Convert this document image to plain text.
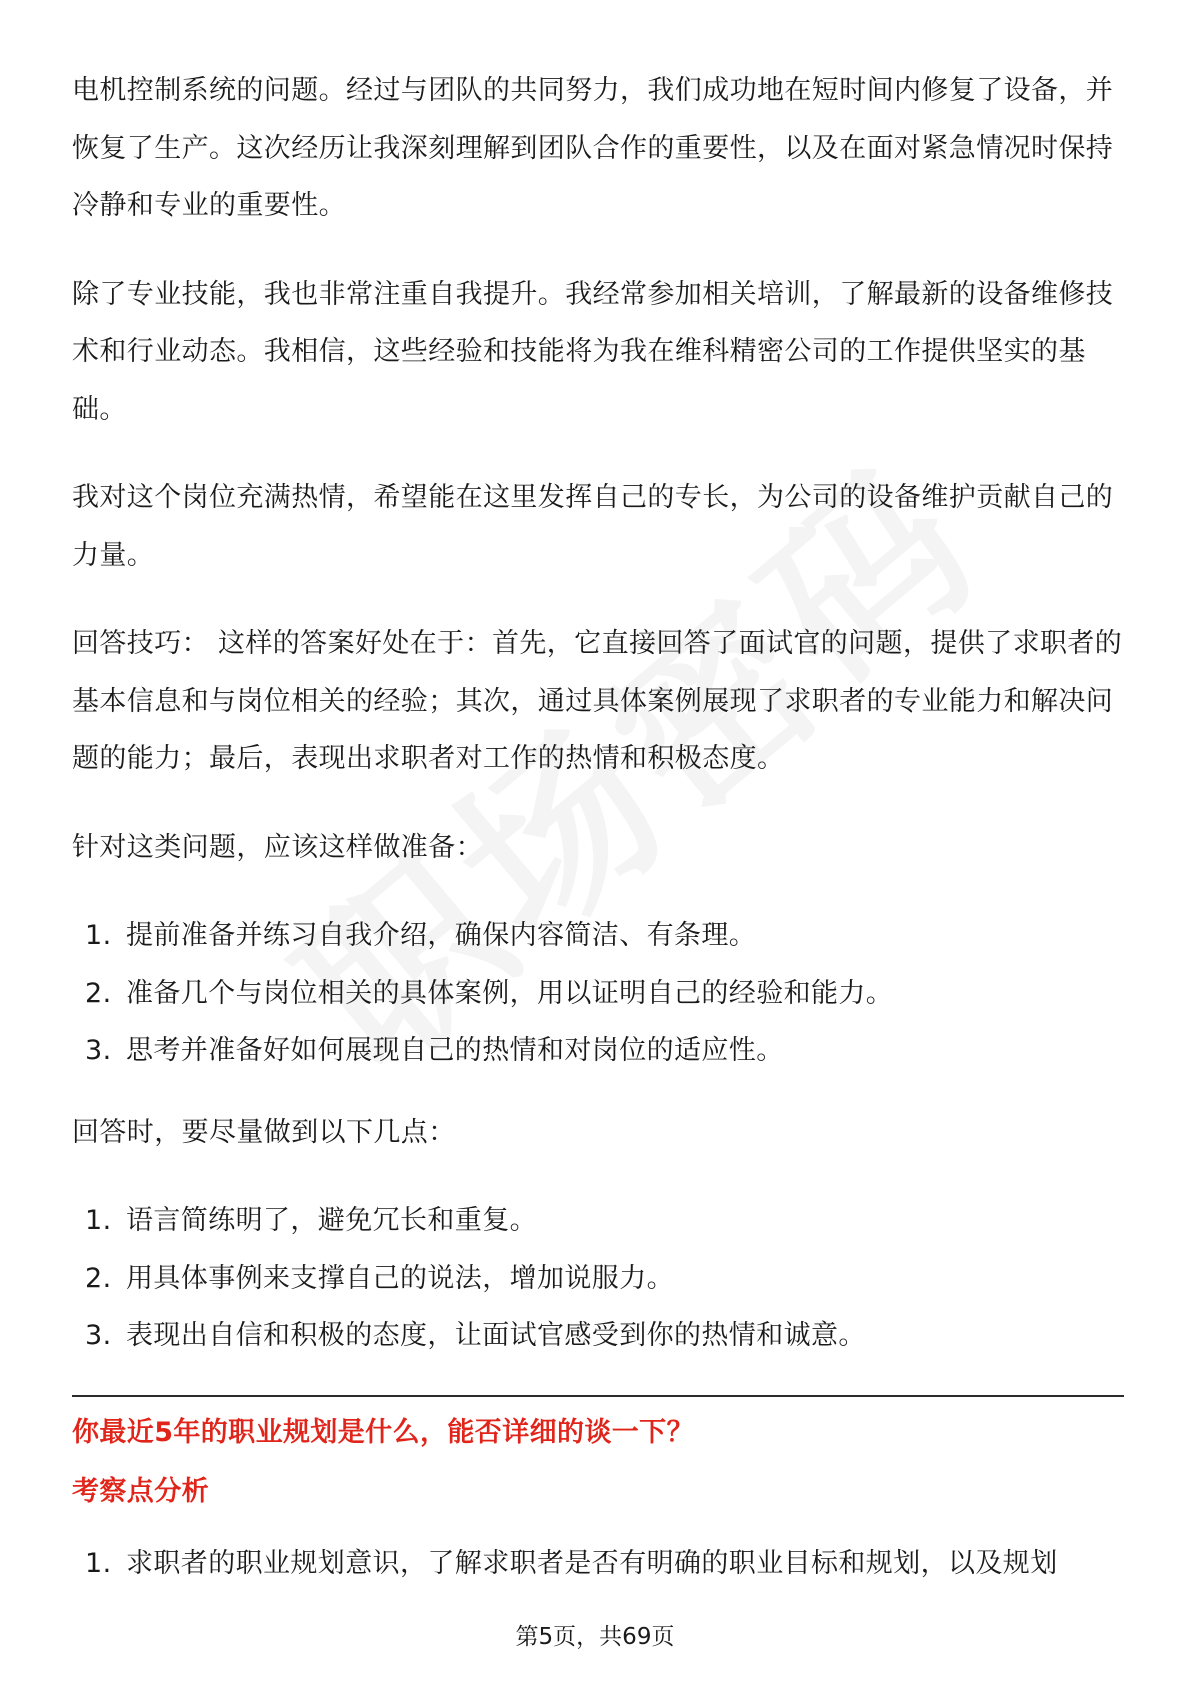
电机控制系统的问题。经过与团队的共同努力，我们成功地在短时间内修复了设备，并恢复了生产。这次经历让我深刻理解到团队合作的重要性，以及在面对紧急情况时保持冷静和专业的重要性。

除了专业技能，我也非常注重自我提升。我经常参加相关培训，了解最新的设备维修技术和行业动态。我相信，这些经验和技能将为我在维科精密公司的工作提供坚实的基础。

我对这个岗位充满热情，希望能在这里发挥自己的专长，为公司的设备维护贡献自己的力量。

回答技巧： 这样的答案好处在于：首先，它直接回答了面试官的问题，提供了求职者的基本信息和与岗位相关的经验；其次，通过具体案例展现了求职者的专业能力和解决问题的能力；最后，表现出求职者对工作的热情和积极态度。

针对这类问题，应该这样做准备：

1. 提前准备并练习自我介绍，确保内容简洁、有条理。
2. 准备几个与岗位相关的具体案例，用以证明自己的经验和能力。
3. 思考并准备好如何展现自己的热情和对岗位的适应性。

回答时，要尽量做到以下几点：

1. 语言简练明了，避免冗长和重复。
2. 用具体事例来支撑自己的说法，增加说服力。
3. 表现出自信和积极的态度，让面试官感受到你的热情和诚意。
你最近5年的职业规划是什么，能否详细的谈一下？
考察点分析
1. 求职者的职业规划意识，了解求职者是否有明确的职业目标和规划，以及规划
第5页，共69页
